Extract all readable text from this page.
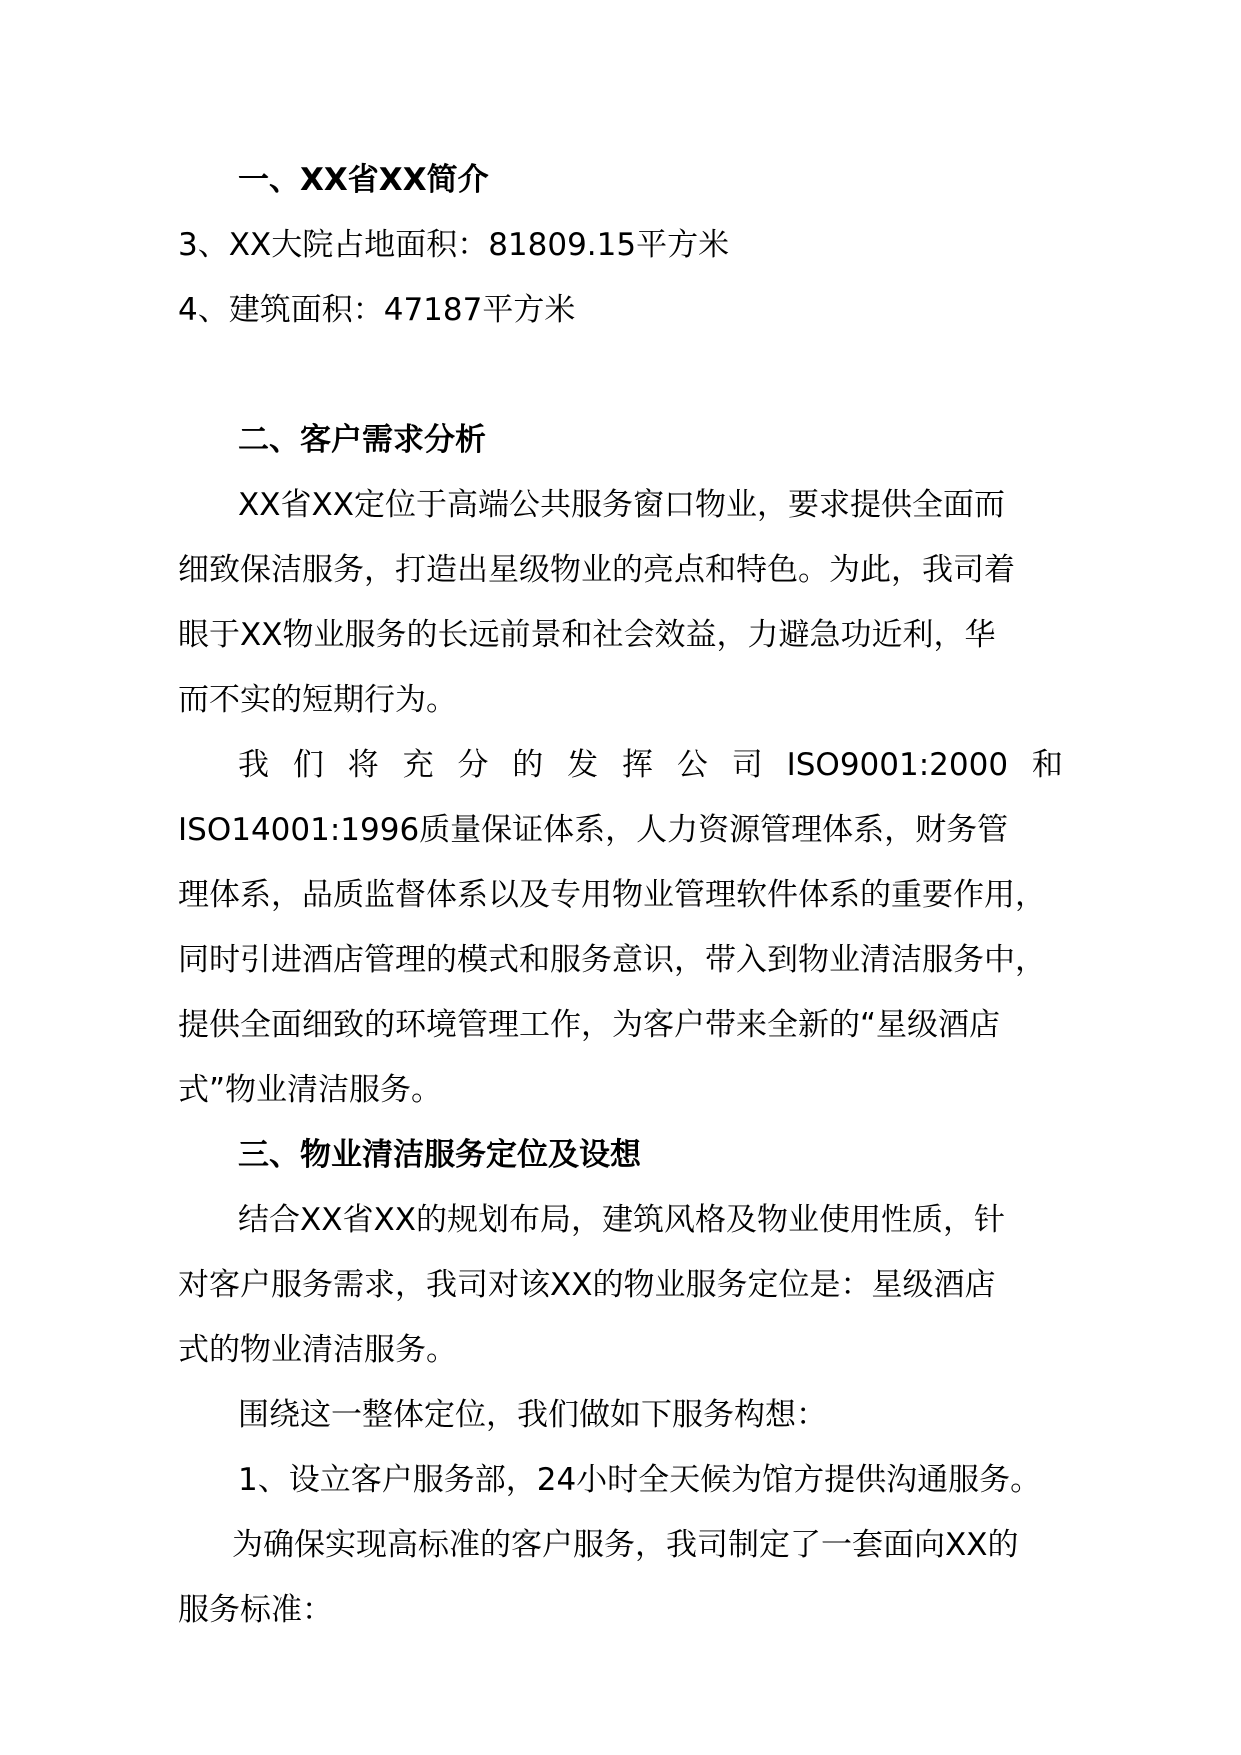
一、XX省XX简介

3、XX大院占地面积：81809.15平方米

4、建筑面积：47187平方米

二、客户需求分析

XX省XX定位于高端公共服务窗口物业，要求提供全面而

细致保洁服务，打造出星级物业的亮点和特色。为此，我司着

眼于XX物业服务的长远前景和社会效益，力避急功近利，华

而不实的短期行为。

我 们 将 充 分 的 发 挥 公 司 ISO9001:2000 和

ISO14001:1996质量保证体系，人力资源管理体系，财务管

理体系，品质监督体系以及专用物业管理软件体系的重要作用，

同时引进酒店管理的模式和服务意识，带入到物业清洁服务中，

提供全面细致的环境管理工作，为客户带来全新的“星级酒店

式”物业清洁服务。

三、物业清洁服务定位及设想

结合XX省XX的规划布局，建筑风格及物业使用性质，针

对客户服务需求，我司对该XX的物业服务定位是：星级酒店

式的物业清洁服务。

围绕这一整体定位，我们做如下服务构想：

1、设立客户服务部，24小时全天候为馆方提供沟通服务。

为确保实现高标准的客户服务，我司制定了一套面向XX的

服务标准：
